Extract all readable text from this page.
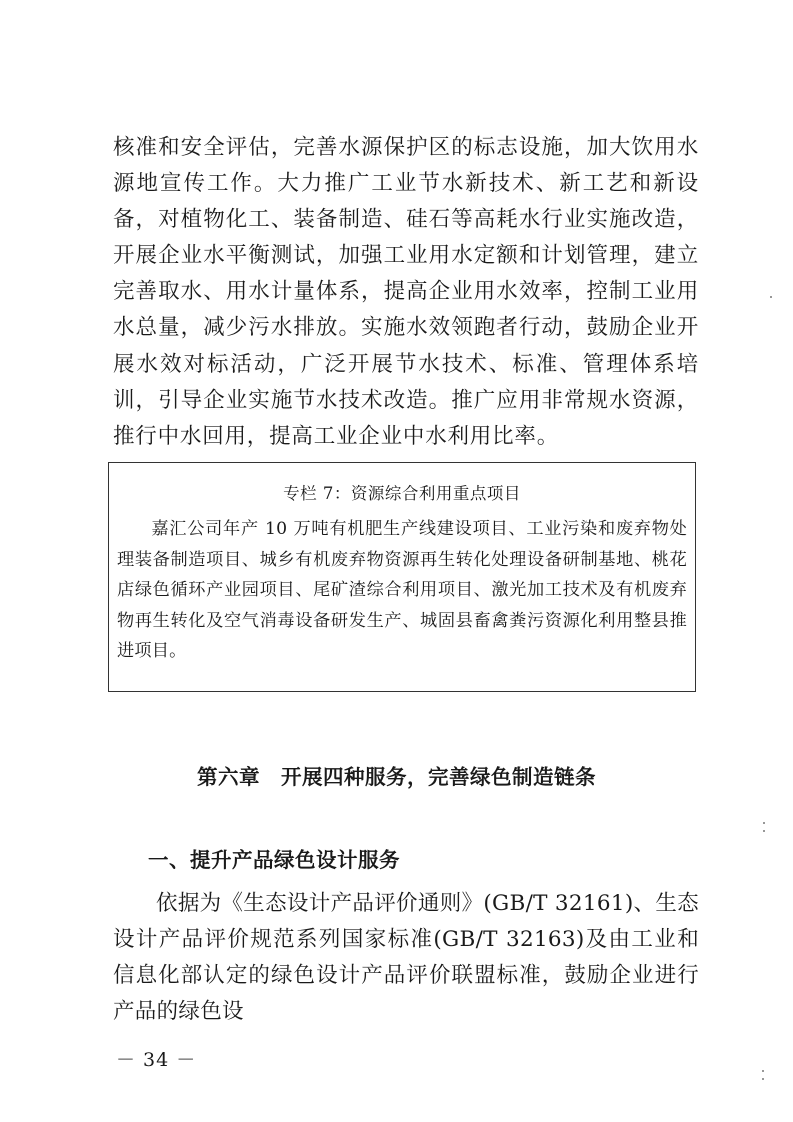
核准和安全评估，完善水源保护区的标志设施，加大饮用水源地宣传工作。大力推广工业节水新技术、新工艺和新设备，对植物化工、装备制造、硅石等高耗水行业实施改造，开展企业水平衡测试，加强工业用水定额和计划管理，建立完善取水、用水计量体系，提高企业用水效率，控制工业用水总量，减少污水排放。实施水效领跑者行动，鼓励企业开展水效对标活动，广泛开展节水技术、标准、管理体系培训，引导企业实施节水技术改造。推广应用非常规水资源，推行中水回用，提高工业企业中水利用比率。

专栏 7：资源综合利用重点项目

嘉汇公司年产 10 万吨有机肥生产线建设项目、工业污染和废弃物处理装备制造项目、城乡有机废弃物资源再生转化处理设备研制基地、桃花店绿色循环产业园项目、尾矿渣综合利用项目、激光加工技术及有机废弃物再生转化及空气消毒设备研发生产、城固县畜禽粪污资源化利用整县推进项目。

第六章　开展四种服务，完善绿色制造链条
一、提升产品绿色设计服务

依据为《生态设计产品评价通则》(GB/T 32161)、生态设计产品评价规范系列国家标准(GB/T 32163)及由工业和信息化部认定的绿色设计产品评价联盟标准，鼓励企业进行产品的绿色设

－ 34 －
